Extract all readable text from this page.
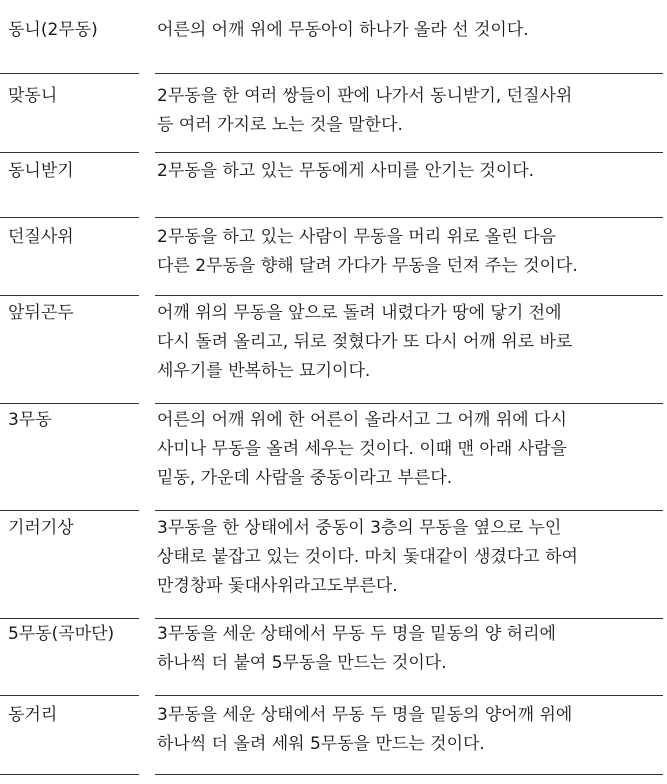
동니(2무동)	어른의 어깨 위에 무동아이 하나가 올라 선 것이다.
맞동니	2무동을 한 여러 쌍들이 판에 나가서 동니받기, 던질사위
등 여러 가지로 노는 것을 말한다.
동니받기	2무동을 하고 있는 무동에게 사미를 안기는 것이다.
던질사위	2무동을 하고 있는 사람이 무동을 머리 위로 올린 다음
다른 2무동을 향해 달려 가다가 무동을 던져 주는 것이다.
앞뒤곤두	어깨 위의 무동을 앞으로 돌려 내렸다가 땅에 닿기 전에
다시 돌려 올리고, 뒤로 젖혔다가 또 다시 어깨 위로 바로
세우기를 반복하는 묘기이다.
3무동	어른의 어깨 위에 한 어른이 올라서고 그 어깨 위에 다시
사미나 무동을 올려 세우는 것이다. 이때 맨 아래 사람을
밑동, 가운데 사람을 중동이라고 부른다.
기러기상	3무동을 한 상태에서 중동이 3층의 무동을 옆으로 누인
상태로 붙잡고 있는 것이다. 마치 돛대같이 생겼다고 하여
만경창파 돛대사위라고도부른다.
5무동(곡마단)	3무동을 세운 상태에서 무동 두 명을 밑동의 양 허리에
하나씩 더 붙여 5무동을 만드는 것이다.
동거리	3무동을 세운 상태에서 무동 두 명을 밑동의 양어깨 위에
하나씩 더 올려 세워 5무동을 만드는 것이다.
